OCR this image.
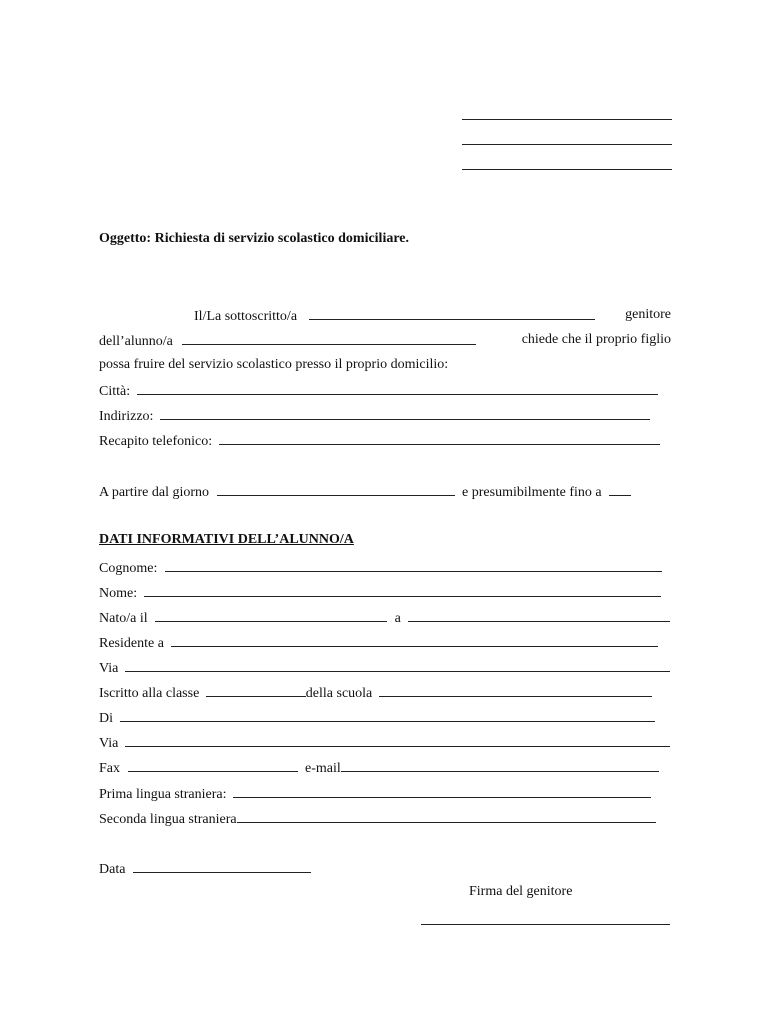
Oggetto: Richiesta di servizio scolastico domiciliare.
Il/La sottoscritto/a	genitore
dell’alunno/a	chiede che il proprio figlio
possa fruire del servizio scolastico presso il proprio domicilio:
Città:
Indirizzo:
Recapito telefonico:
A partire dal giorno	e presumibilmente fino a
DATI INFORMATIVI DELL’ALUNNO/A
Cognome:
Nome:
Nato/a il	a
Residente a
Via
Iscritto alla classe	della scuola
Di
Via
Fax	e-mail
Prima lingua straniera:
Seconda lingua straniera
Data
Firma del genitore
